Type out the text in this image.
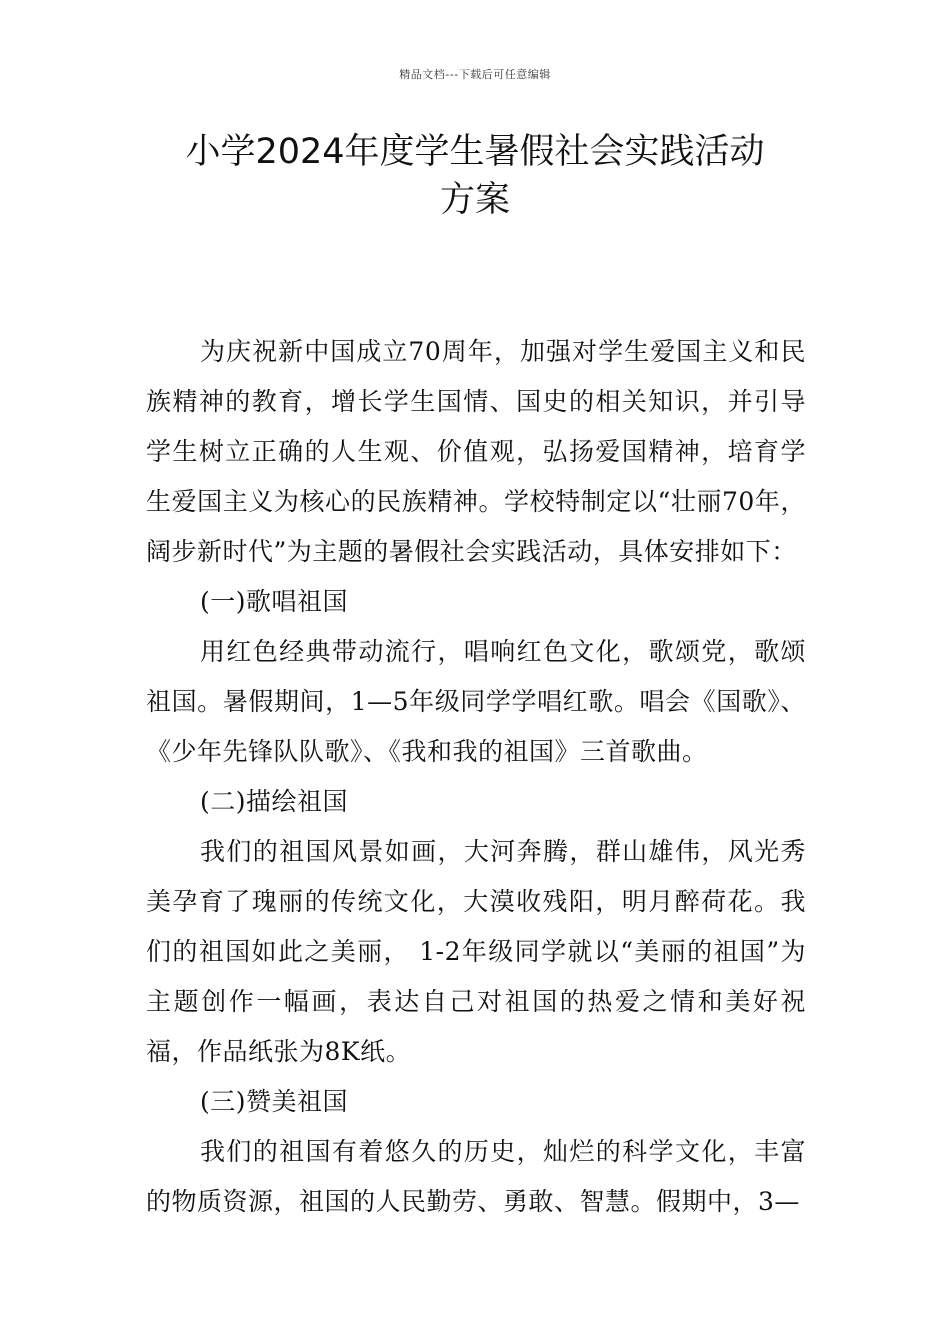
精品文档---下载后可任意编辑
小学2024年度学生暑假社会实践活动
方案

为庆祝新中国成立70周年，加强对学生爱国主义和民族精神的教育，增长学生国情、国史的相关知识，并引导学生树立正确的人生观、价值观，弘扬爱国精神，培育学生爱国主义为核心的民族精神。学校特制定以“壮丽70年，阔步新时代”为主题的暑假社会实践活动，具体安排如下：

(一)歌唱祖国

用红色经典带动流行，唱响红色文化，歌颂党，歌颂祖国。暑假期间，1—5年级同学学唱红歌。唱会《国歌》、《少年先锋队队歌》、《我和我的祖国》三首歌曲。

(二)描绘祖国

我们的祖国风景如画，大河奔腾，群山雄伟，风光秀美孕育了瑰丽的传统文化，大漠收残阳，明月醉荷花。我们的祖国如此之美丽， 1-2年级同学就以“美丽的祖国”为主题创作一幅画，表达自己对祖国的热爱之情和美好祝福，作品纸张为8K纸。

(三)赞美祖国

我们的祖国有着悠久的历史，灿烂的科学文化，丰富的物质资源，祖国的人民勤劳、勇敢、智慧。假期中，3—
